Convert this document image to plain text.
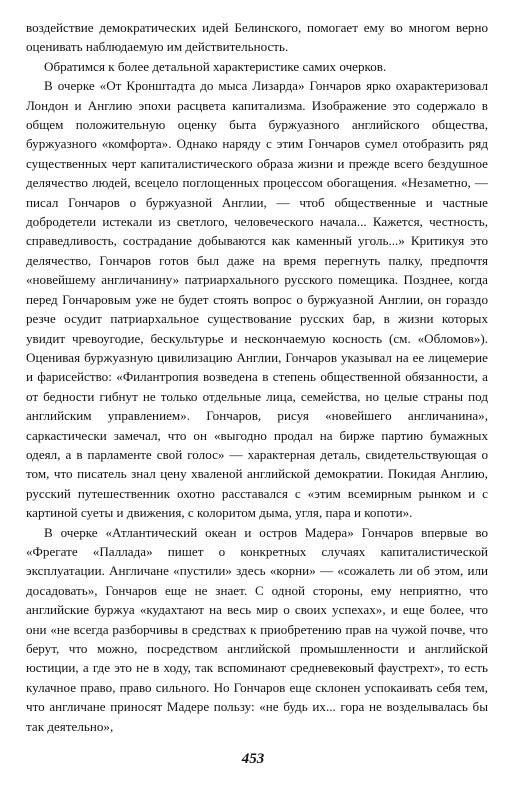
воздействие демократических идей Белинского, помогает ему во многом верно оценивать наблюдаемую им действительность.

Обратимся к более детальной характеристике самих очерков.

В очерке «От Кронштадта до мыса Лизарда» Гончаров ярко охарактеризовал Лондон и Англию эпохи расцвета капитализма. Изображение это содержало в общем положительную оценку быта буржуазного английского общества, буржуазного «комфорта». Однако наряду с этим Гончаров сумел отобразить ряд существенных черт капиталистического образа жизни и прежде всего бездушное делячество людей, всецело поглощенных процессом обогащения. «Незаметно, — писал Гончаров о буржуазной Англии, — чтоб общественные и частные добродетели истекали из светлого, человеческого начала... Кажется, честность, справедливость, сострадание добываются как каменный уголь...» Критикуя это делячество, Гончаров готов был даже на время перегнуть палку, предпочтя «новейшему англичанину» патриархального русского помещика. Позднее, когда перед Гончаровым уже не будет стоять вопрос о буржуазной Англии, он гораздо резче осудит патриархальное существование русских бар, в жизни которых увидит чревоугодие, бескультурье и нескончаемую косность (см. «Обломов»). Оценивая буржуазную цивилизацию Англии, Гончаров указывал на ее лицемерие и фарисейство: «Филантропия возведена в степень общественной обязанности, а от бедности гибнут не только отдельные лица, семейства, но целые страны под английским управлением». Гончаров, рисуя «новейшего англичанина», саркастически замечал, что он «выгодно продал на бирже партию бумажных одеял, а в парламенте свой голос» — характерная деталь, свидетельствующая о том, что писатель знал цену хваленой английской демократии. Покидая Англию, русский путешественник охотно расставался с «этим всемирным рынком и с картиной суеты и движения, с колоритом дыма, угля, пара и копоти».

В очерке «Атлантический океан и остров Мадера» Гончаров впервые во «Фрегате «Паллада» пишет о конкретных случаях капиталистической эксплуатации. Англичане «пустили» здесь «корни» — «сожалеть ли об этом, или досадовать», Гончаров еще не знает. С одной стороны, ему неприятно, что английские буржуа «кудахтают на весь мир о своих успехах», и еще более, что они «не всегда разборчивы в средствах к приобретению прав на чужой почве, что берут, что можно, посредством английской промышленности и английской юстиции, а где это не в ходу, так вспоминают средневековый фаустрехт», то есть кулачное право, право сильного. Но Гончаров еще склонен успокаивать себя тем, что англичане приносят Мадере пользу: «не будь их... гора не возделывалась бы так деятельно»,

453
